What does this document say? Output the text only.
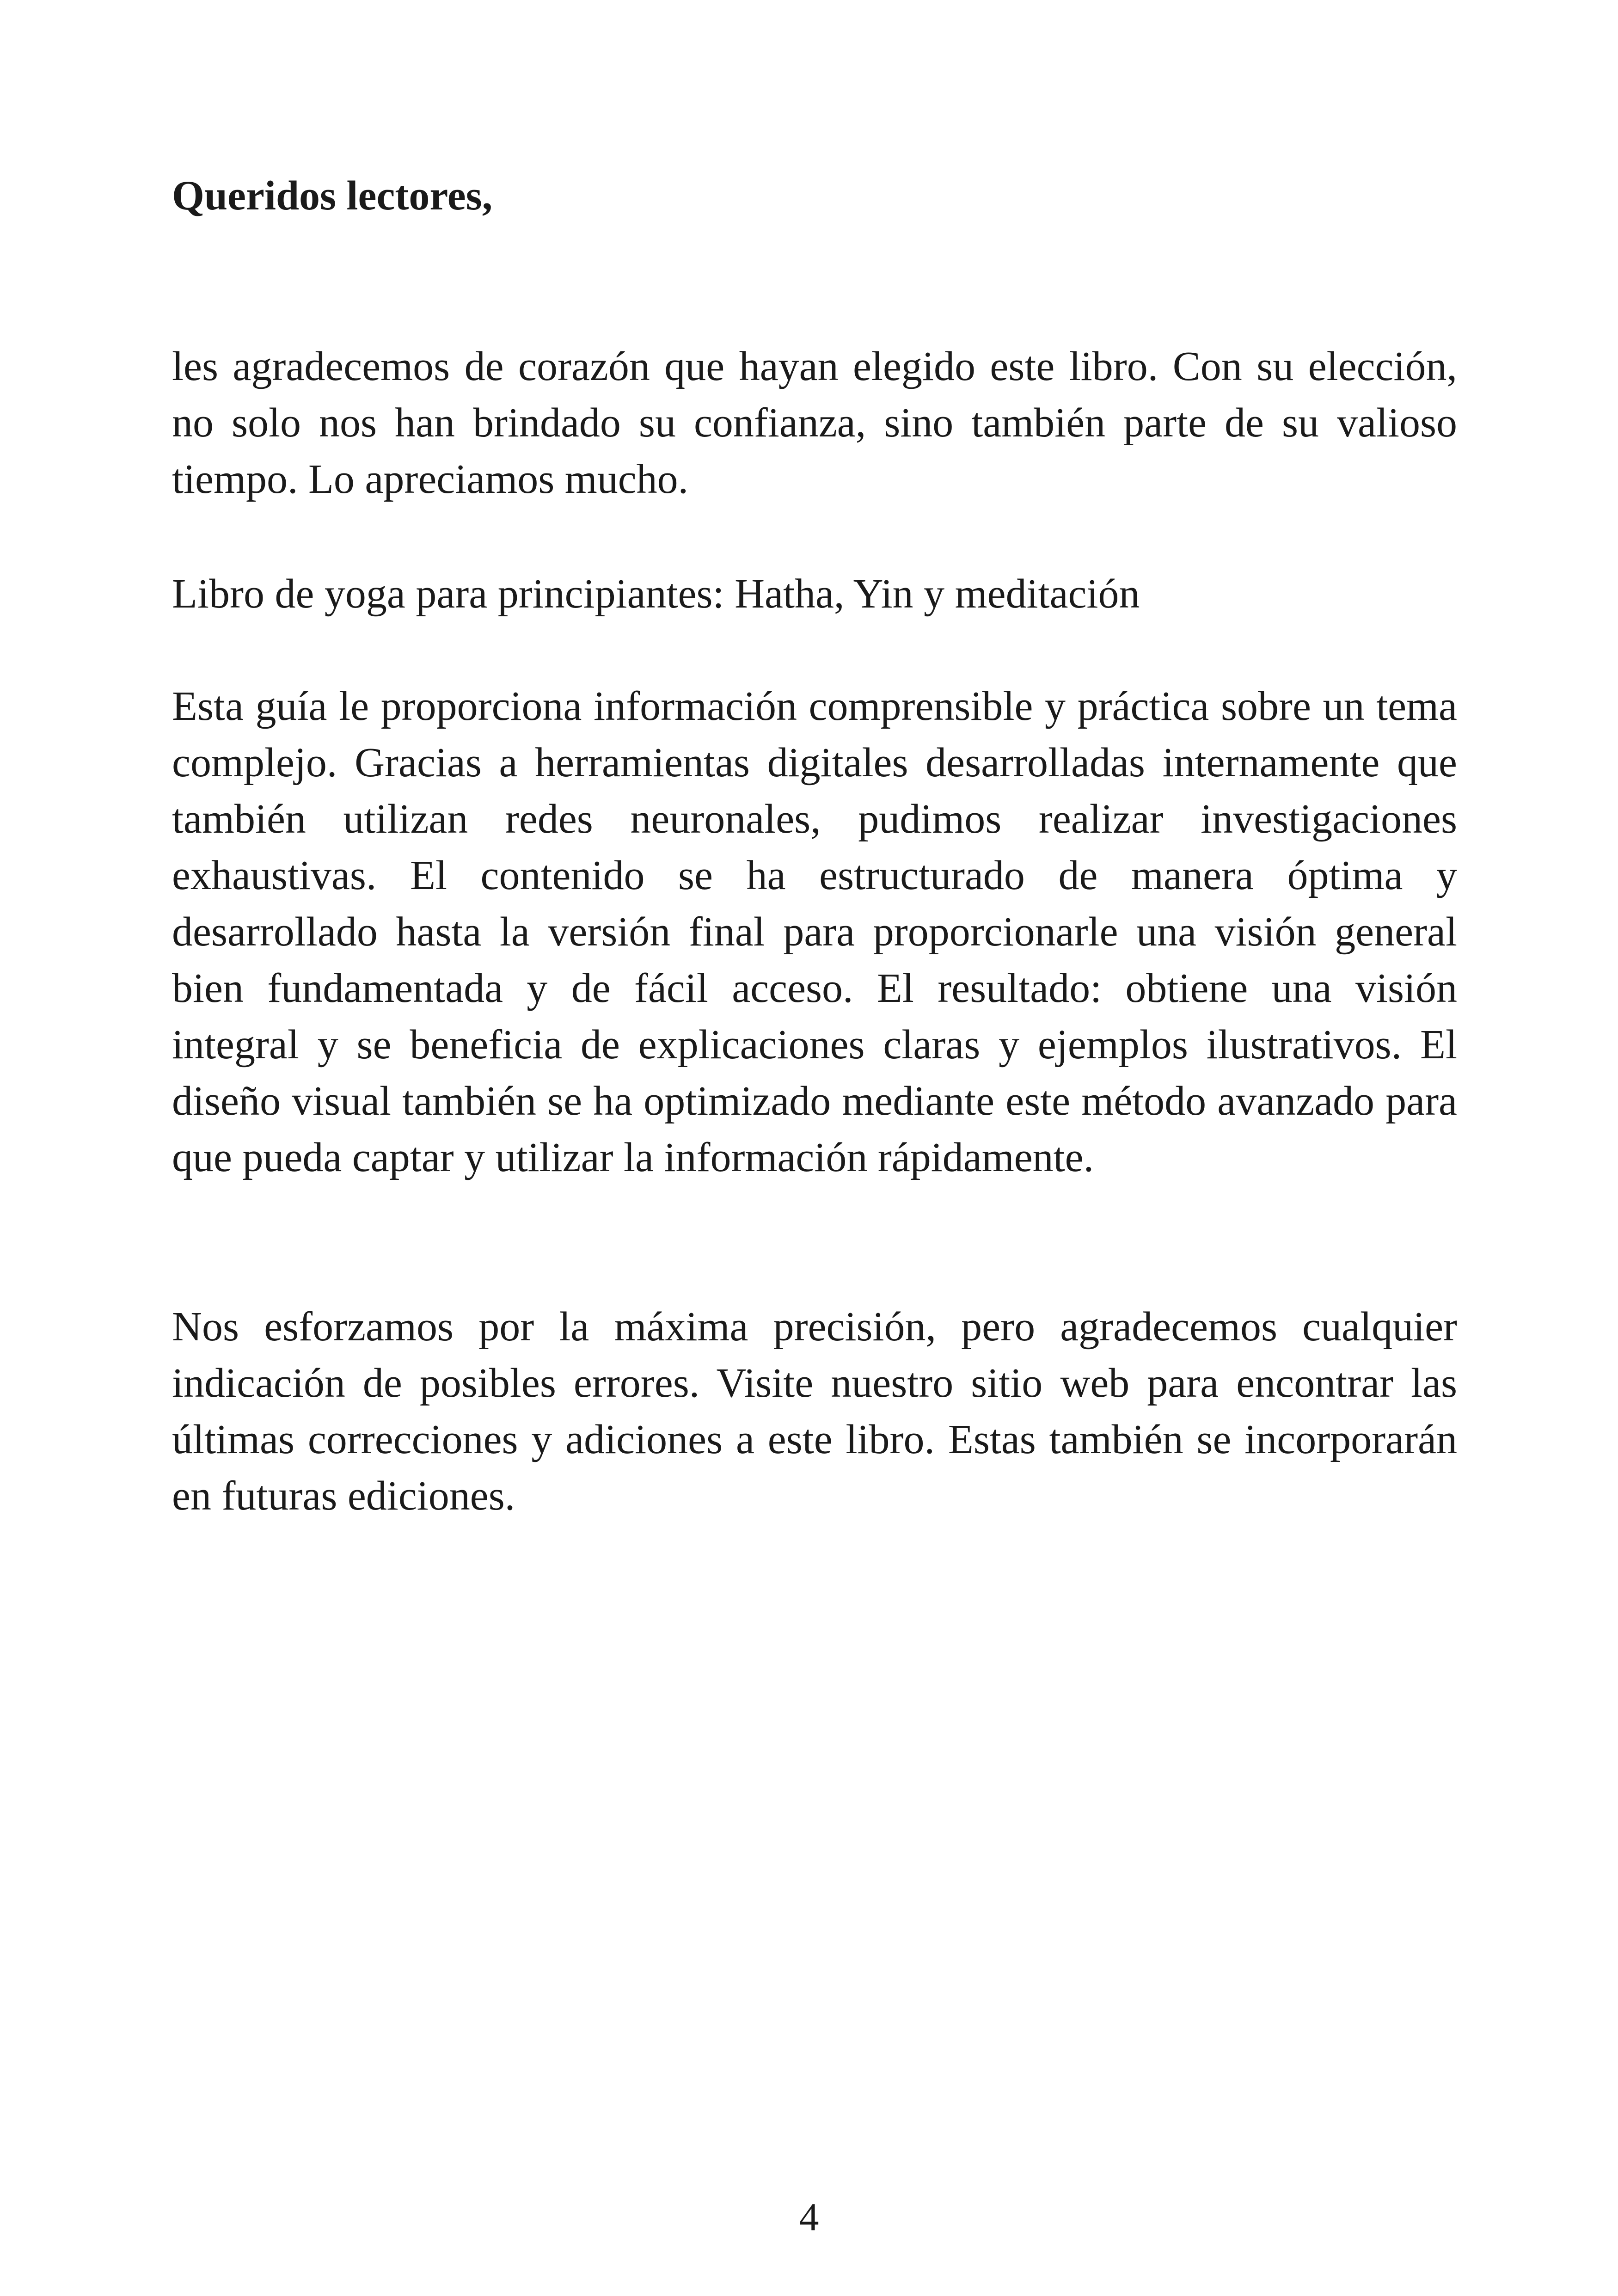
Queridos lectores,

les agradecemos de corazón que hayan elegido este libro. Con su elección, no solo nos han brindado su confianza, sino también parte de su valioso tiempo. Lo apreciamos mucho.

Libro de yoga para principiantes: Hatha, Yin y meditación

Esta guía le proporciona información comprensible y práctica sobre un tema complejo. Gracias a herramientas digitales desarrolladas internamente que también utilizan redes neuronales, pudimos realizar investigaciones exhaustivas. El contenido se ha estructurado de manera óptima y desarrollado hasta la versión final para proporcionarle una visión general bien fundamentada y de fácil acceso. El resultado: obtiene una visión integral y se beneficia de explicaciones claras y ejemplos ilustrativos. El diseño visual también se ha optimizado mediante este método avanzado para que pueda captar y utilizar la información rápidamente.

Nos esforzamos por la máxima precisión, pero agradecemos cualquier indicación de posibles errores. Visite nuestro sitio web para encontrar las últimas correcciones y adiciones a este libro. Estas también se incorporarán en futuras ediciones.

4
